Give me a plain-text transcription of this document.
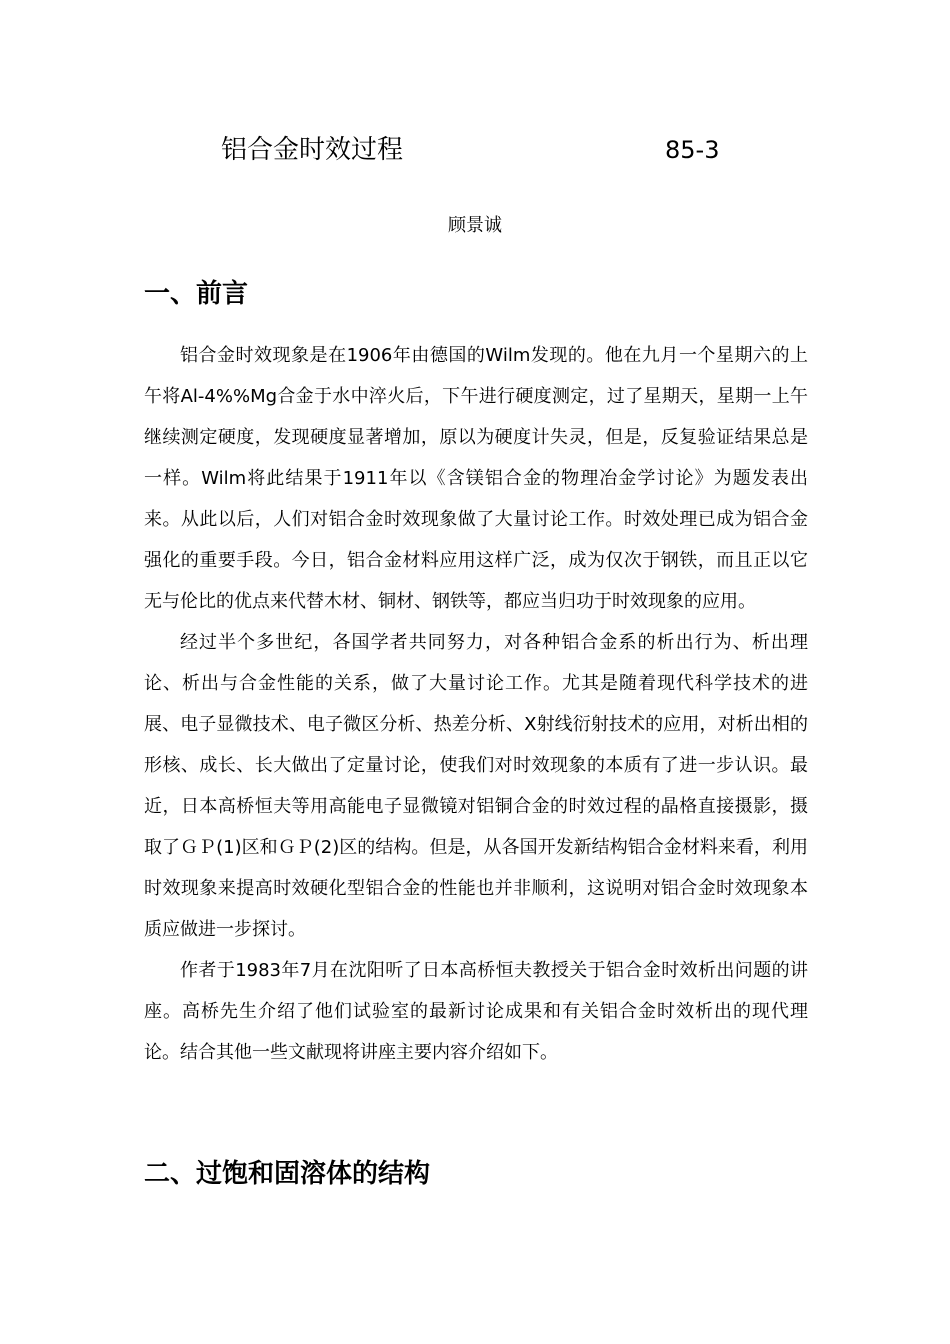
铝合金时效过程	85-3
顾景诚
一、前言

铝合金时效现象是在1906年由德国的Wilm发现的。他在九月一个星期六的上午将Al-4%%Mg合金于水中淬火后，下午进行硬度测定，过了星期天，星期一上午继续测定硬度，发现硬度显著增加，原以为硬度计失灵，但是，反复验证结果总是一样。Wilm将此结果于1911年以《含镁铝合金的物理冶金学讨论》为题发表出来。从此以后，人们对铝合金时效现象做了大量讨论工作。时效处理已成为铝合金强化的重要手段。今日，铝合金材料应用这样广泛，成为仅次于钢铁，而且正以它无与伦比的优点来代替木材、铜材、钢铁等，都应当归功于时效现象的应用。

经过半个多世纪，各国学者共同努力，对各种铝合金系的析出行为、析出理论、析出与合金性能的关系，做了大量讨论工作。尤其是随着现代科学技术的进展、电子显微技术、电子微区分析、热差分析、X射线衍射技术的应用，对析出相的形核、成长、长大做出了定量讨论，使我们对时效现象的本质有了进一步认识。最近，日本高桥恒夫等用高能电子显微镜对铝铜合金的时效过程的晶格直接摄影，摄取了ＧＰ(1)区和ＧＰ(2)区的结构。但是，从各国开发新结构铝合金材料来看，利用时效现象来提高时效硬化型铝合金的性能也并非顺利，这说明对铝合金时效现象本质应做进一步探讨。

作者于1983年7月在沈阳听了日本高桥恒夫教授关于铝合金时效析出问题的讲座。高桥先生介绍了他们试验室的最新讨论成果和有关铝合金时效析出的现代理论。结合其他一些文献现将讲座主要内容介绍如下。

二、过饱和固溶体的结构
